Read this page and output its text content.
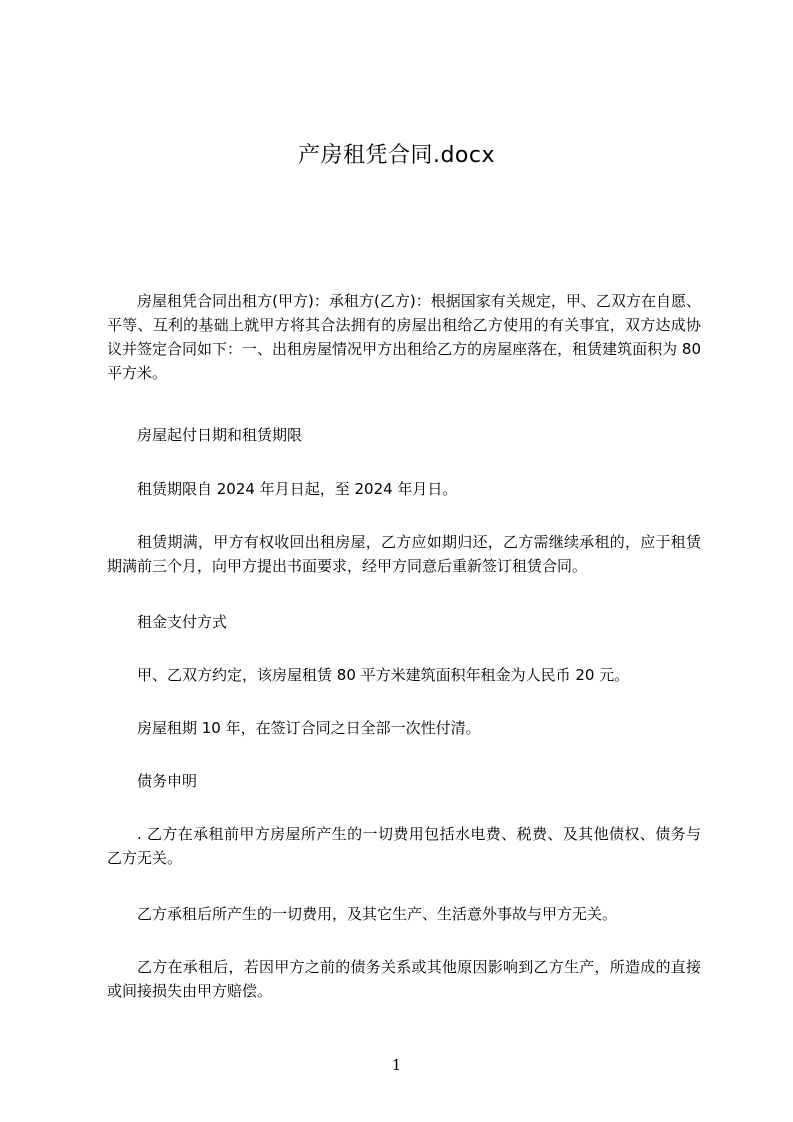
产房租凭合同.docx

房屋租凭合同出租方(甲方)：承租方(乙方)：根据国家有关规定，甲、乙双方在自愿、平等、互利的基础上就甲方将其合法拥有的房屋出租给乙方使用的有关事宜，双方达成协议并签定合同如下：一、出租房屋情况甲方出租给乙方的房屋座落在，租赁建筑面积为 80 平方米。

房屋起付日期和租赁期限

租赁期限自 2024 年月日起，至 2024 年月日。

租赁期满，甲方有权收回出租房屋，乙方应如期归还，乙方需继续承租的，应于租赁期满前三个月，向甲方提出书面要求，经甲方同意后重新签订租赁合同。

租金支付方式

甲、乙双方约定，该房屋租赁 80 平方米建筑面积年租金为人民币 20 元。

房屋租期 10 年，在签订合同之日全部一次性付清。

债务申明

. 乙方在承租前甲方房屋所产生的一切费用包括水电费、税费、及其他债权、债务与乙方无关。

乙方承租后所产生的一切费用，及其它生产、生活意外事故与甲方无关。

乙方在承租后，若因甲方之前的债务关系或其他原因影响到乙方生产，所造成的直接或间接损失由甲方赔偿。

1
